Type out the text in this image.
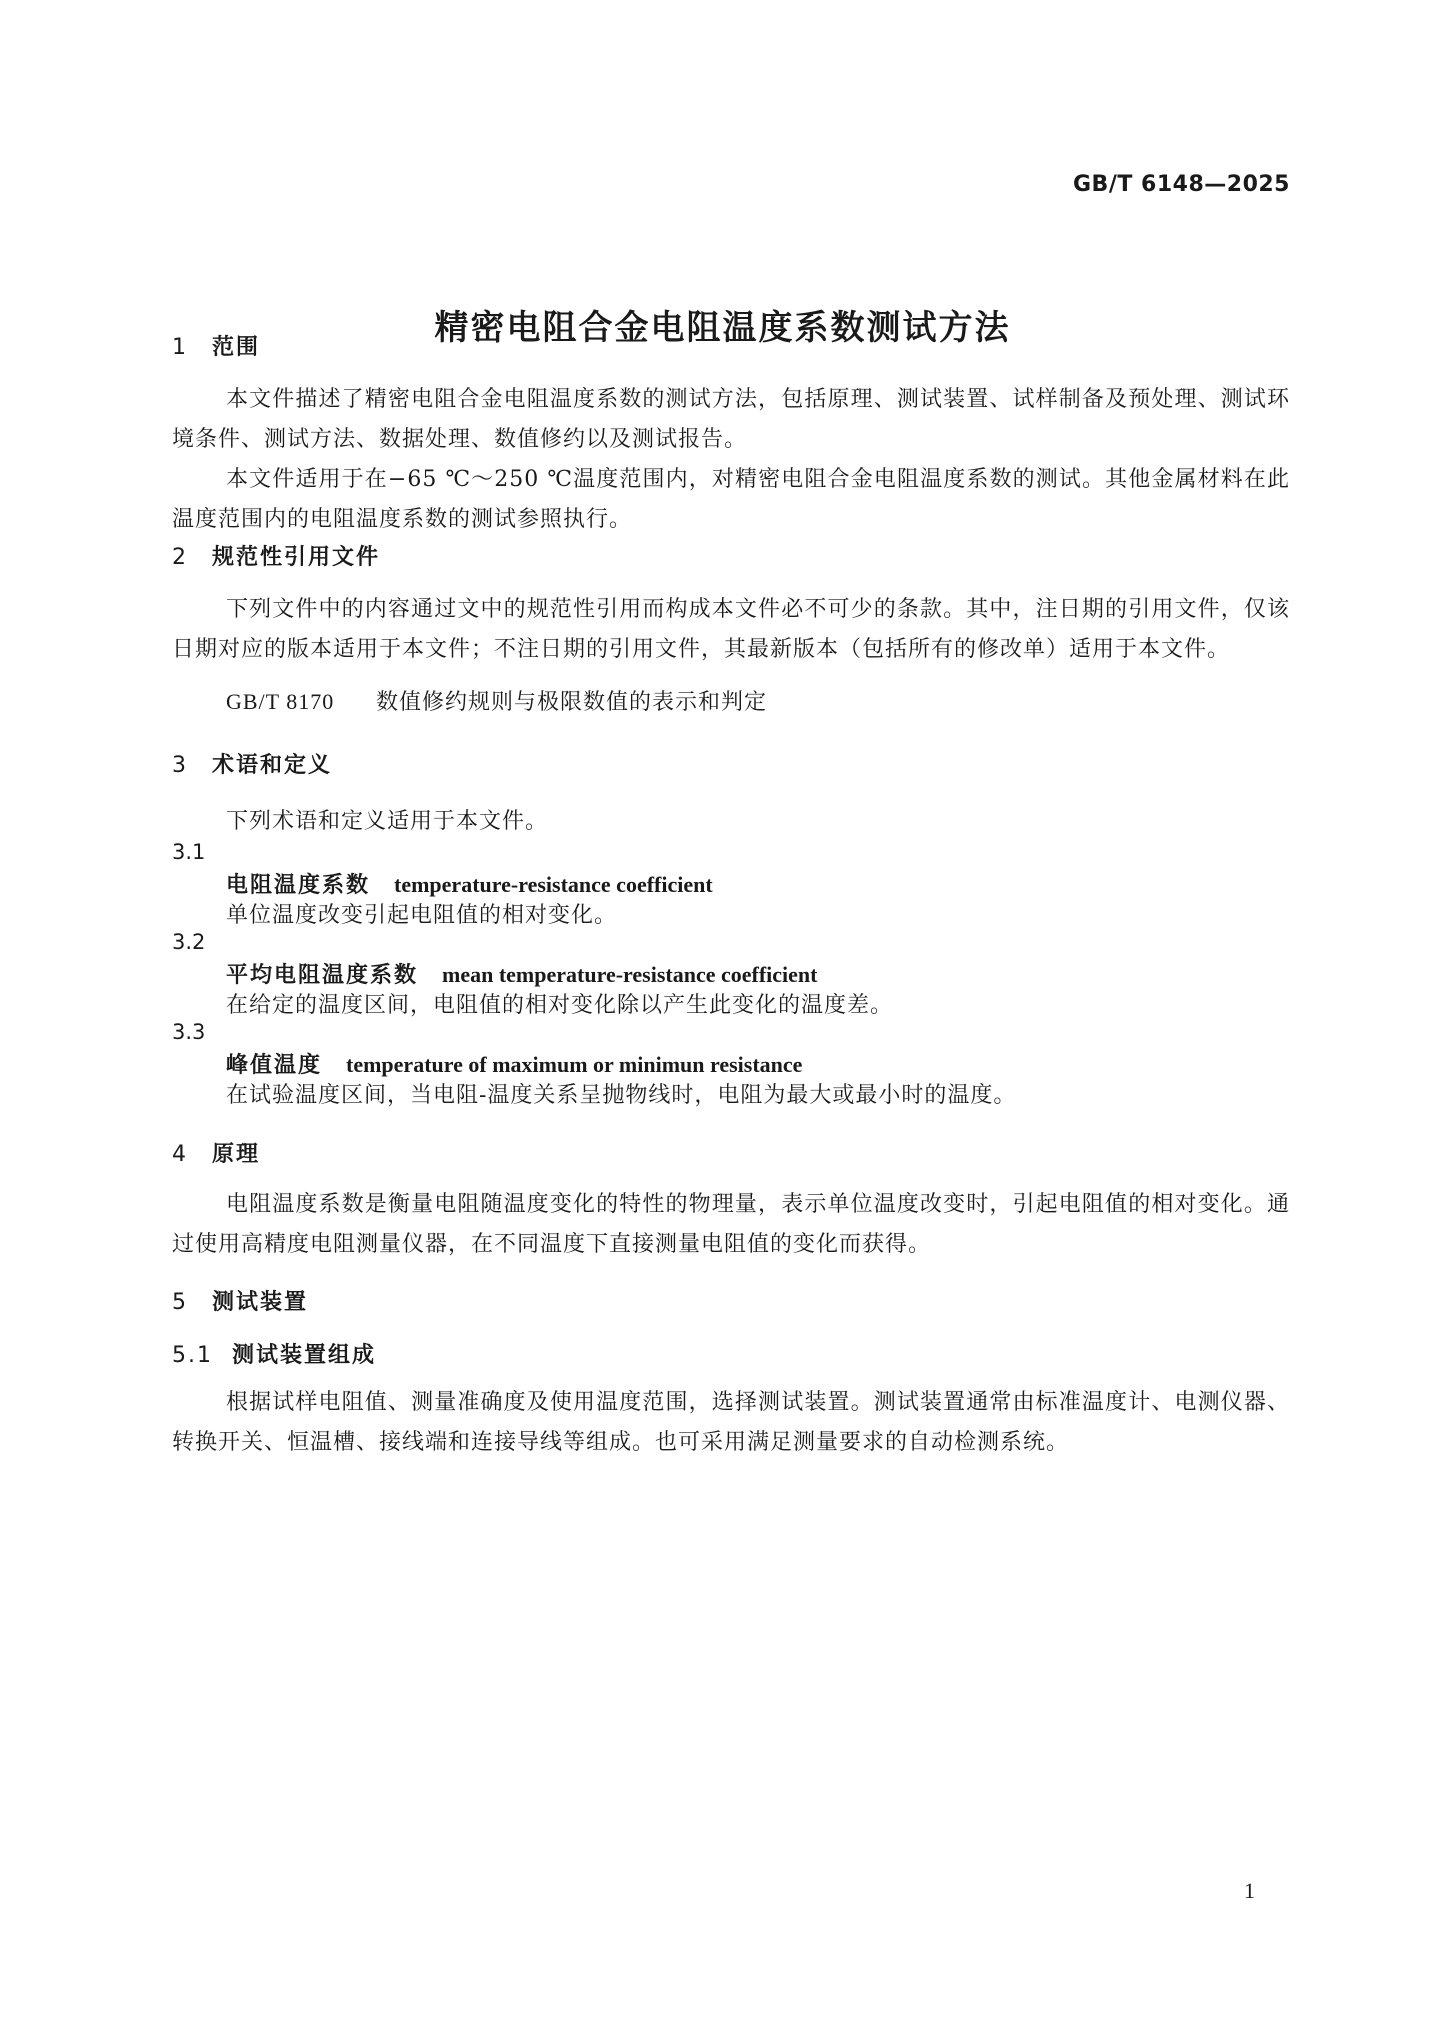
GB/T 6148—2025
精密电阻合金电阻温度系数测试方法
1 范围
本文件描述了精密电阻合金电阻温度系数的测试方法，包括原理、测试装置、试样制备及预处理、测试环境条件、测试方法、数据处理、数值修约以及测试报告。
本文件适用于在−65 ℃～250 ℃温度范围内，对精密电阻合金电阻温度系数的测试。其他金属材料在此温度范围内的电阻温度系数的测试参照执行。
2 规范性引用文件
下列文件中的内容通过文中的规范性引用而构成本文件必不可少的条款。其中，注日期的引用文件，仅该日期对应的版本适用于本文件；不注日期的引用文件，其最新版本（包括所有的修改单）适用于本文件。
GB/T 8170 数值修约规则与极限数值的表示和判定
3 术语和定义
下列术语和定义适用于本文件。
3.1
电阻温度系数 temperature-resistance coefficient
单位温度改变引起电阻值的相对变化。
3.2
平均电阻温度系数 mean temperature-resistance coefficient
在给定的温度区间，电阻值的相对变化除以产生此变化的温度差。
3.3
峰值温度 temperature of maximum or minimun resistance
在试验温度区间，当电阻-温度关系呈抛物线时，电阻为最大或最小时的温度。
4 原理
电阻温度系数是衡量电阻随温度变化的特性的物理量，表示单位温度改变时，引起电阻值的相对变化。通过使用高精度电阻测量仪器，在不同温度下直接测量电阻值的变化而获得。
5 测试装置
5.1 测试装置组成
根据试样电阻值、测量准确度及使用温度范围，选择测试装置。测试装置通常由标准温度计、电测仪器、转换开关、恒温槽、接线端和连接导线等组成。也可采用满足测量要求的自动检测系统。
1
